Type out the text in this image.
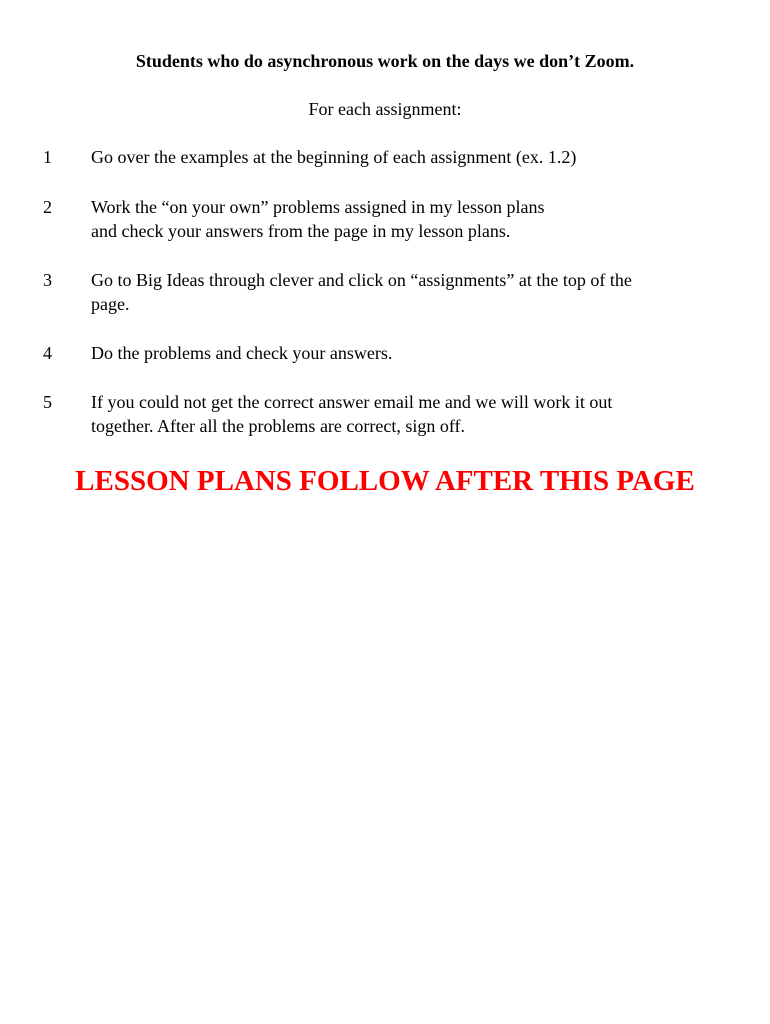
Students who do asynchronous work on the days we don’t Zoom.
For each assignment:
1	Go over the examples at the beginning of each assignment (ex. 1.2)
2	Work the “on your own” problems assigned in my lesson plans
and check your answers from the page in my lesson plans.
3	Go to Big Ideas through clever and click on “assignments” at the top of the
page.
4	Do the problems and check your answers.
5	If you could not get the correct answer email me and we will work it out
together. After all the problems are correct, sign off.
LESSON PLANS FOLLOW AFTER THIS PAGE
